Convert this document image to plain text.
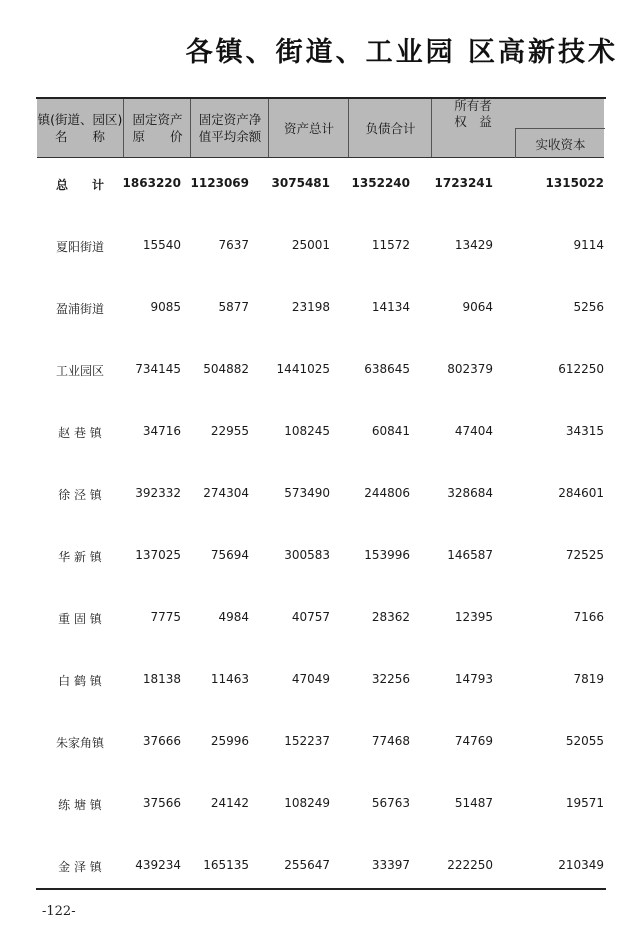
各镇、街道、工业园 区高新技术
镇(街道、园区)
名　　称
固定资产
原　　价
固定资产净
值平均余额
资产总计	负债合计
所有者
权　益
实收资本
总　　计	1863220 1123069 3075481 1352240 1723241	1315022
夏阳街道	15540	7637	25001	11572	13429	9114
盈浦街道	9085	5877	23198	14134	9064	5256
工业园区	734145 504882 1441025	638645	802379	612250
赵 巷 镇	34716 22955	108245	60841	47404	34315
徐 泾 镇	392332 274304	573490	244806	328684	284601
华 新 镇	137025 75694	300583	153996	146587	72525
重 固 镇	7775	4984	40757	28362	12395	7166
白 鹤 镇	18138 11463	47049	32256	14793	7819
朱家角镇	37666 25996	152237	77468	74769	52055
练 塘 镇	37566 24142	108249	56763	51487	19571
金 泽 镇	439234 165135	255647	33397	222250	210349
-122-
